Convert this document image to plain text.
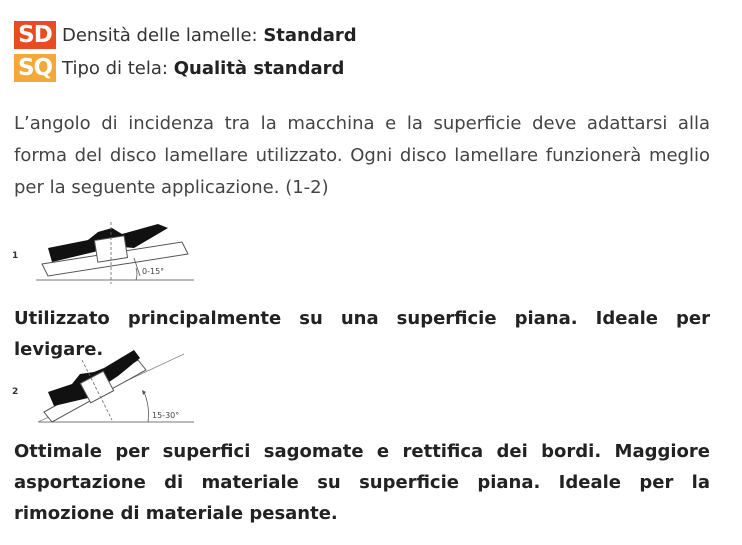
SD Densità delle lamelle: Standard
SQ Tipo di tela: Qualità standard
L’angolo di incidenza tra la macchina e la superficie deve adattarsi alla forma del disco lamellare utilizzato. Ogni disco lamellare funzionerà meglio per la seguente applicazione. (1-2)
1
0-15°
Utilizzato principalmente su una superficie piana. Ideale per levigare.
2
15-30°
Ottimale per superfici sagomate e rettifica dei bordi. Maggiore asportazione di materiale su superficie piana. Ideale per la rimozione di materiale pesante.
